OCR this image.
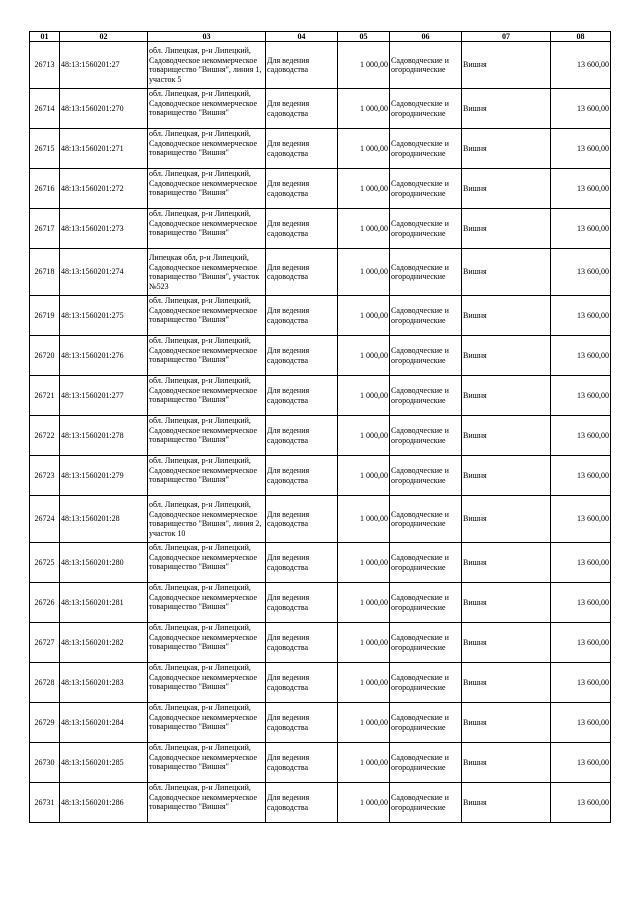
01	02	03	04	05	06	07	08
26713	48:13:1560201:27	обл. Липецкая, р-н Липецкий, Садоводческое некоммерческое товарищество "Вишня", линия 1, участок 5	Для ведения садоводства	1 000,00	Садоводческие и огороднические	Вишня	13 600,00
26714	48:13:1560201:270	обл. Липецкая, р-н Липецкий, Садоводческое некоммерческое товарищество "Вишня"	Для ведения садоводства	1 000,00	Садоводческие и огороднические	Вишня	13 600,00
26715	48:13:1560201:271	обл. Липецкая, р-н Липецкий, Садоводческое некоммерческое товарищество "Вишня"	Для ведения садоводства	1 000,00	Садоводческие и огороднические	Вишня	13 600,00
26716	48:13:1560201:272	обл. Липецкая, р-н Липецкий, Садоводческое некоммерческое товарищество "Вишня"	Для ведения садоводства	1 000,00	Садоводческие и огороднические	Вишня	13 600,00
26717	48:13:1560201:273	обл. Липецкая, р-н Липецкий, Садоводческое некоммерческое товарищество "Вишня"	Для ведения садоводства	1 000,00	Садоводческие и огороднические	Вишня	13 600,00
26718	48:13:1560201:274	Липецкая обл, р-н Липецкий, Садоводческое некоммерческое товарищество "Вишня", участок №523	Для ведения садоводства	1 000,00	Садоводческие и огороднические	Вишня	13 600,00
26719	48:13:1560201:275	обл. Липецкая, р-н Липецкий, Садоводческое некоммерческое товарищество "Вишня"	Для ведения садоводства	1 000,00	Садоводческие и огороднические	Вишня	13 600,00
26720	48:13:1560201:276	обл. Липецкая, р-н Липецкий, Садоводческое некоммерческое товарищество "Вишня"	Для ведения садоводства	1 000,00	Садоводческие и огороднические	Вишня	13 600,00
26721	48:13:1560201:277	обл. Липецкая, р-н Липецкий, Садоводческое некоммерческое товарищество "Вишня"	Для ведения садоводства	1 000,00	Садоводческие и огороднические	Вишня	13 600,00
26722	48:13:1560201:278	обл. Липецкая, р-н Липецкий, Садоводческое некоммерческое товарищество "Вишня"	Для ведения садоводства	1 000,00	Садоводческие и огороднические	Вишня	13 600,00
26723	48:13:1560201:279	обл. Липецкая, р-н Липецкий, Садоводческое некоммерческое товарищество "Вишня"	Для ведения садоводства	1 000,00	Садоводческие и огороднические	Вишня	13 600,00
26724	48:13:1560201:28	обл. Липецкая, р-н Липецкий, Садоводческое некоммерческое товарищество "Вишня", линия 2, участок 10	Для ведения садоводства	1 000,00	Садоводческие и огороднические	Вишня	13 600,00
26725	48:13:1560201:280	обл. Липецкая, р-н Липецкий, Садоводческое некоммерческое товарищество "Вишня"	Для ведения садоводства	1 000,00	Садоводческие и огороднические	Вишня	13 600,00
26726	48:13:1560201:281	обл. Липецкая, р-н Липецкий, Садоводческое некоммерческое товарищество "Вишня"	Для ведения садоводства	1 000,00	Садоводческие и огороднические	Вишня	13 600,00
26727	48:13:1560201:282	обл. Липецкая, р-н Липецкий, Садоводческое некоммерческое товарищество "Вишня"	Для ведения садоводства	1 000,00	Садоводческие и огороднические	Вишня	13 600,00
26728	48:13:1560201:283	обл. Липецкая, р-н Липецкий, Садоводческое некоммерческое товарищество "Вишня"	Для ведения садоводства	1 000,00	Садоводческие и огороднические	Вишня	13 600,00
26729	48:13:1560201:284	обл. Липецкая, р-н Липецкий, Садоводческое некоммерческое товарищество "Вишня"	Для ведения садоводства	1 000,00	Садоводческие и огороднические	Вишня	13 600,00
26730	48:13:1560201:285	обл. Липецкая, р-н Липецкий, Садоводческое некоммерческое товарищество "Вишня"	Для ведения садоводства	1 000,00	Садоводческие и огороднические	Вишня	13 600,00
26731	48:13:1560201:286	обл. Липецкая, р-н Липецкий, Садоводческое некоммерческое товарищество "Вишня"	Для ведения садоводства	1 000,00	Садоводческие и огороднические	Вишня	13 600,00
